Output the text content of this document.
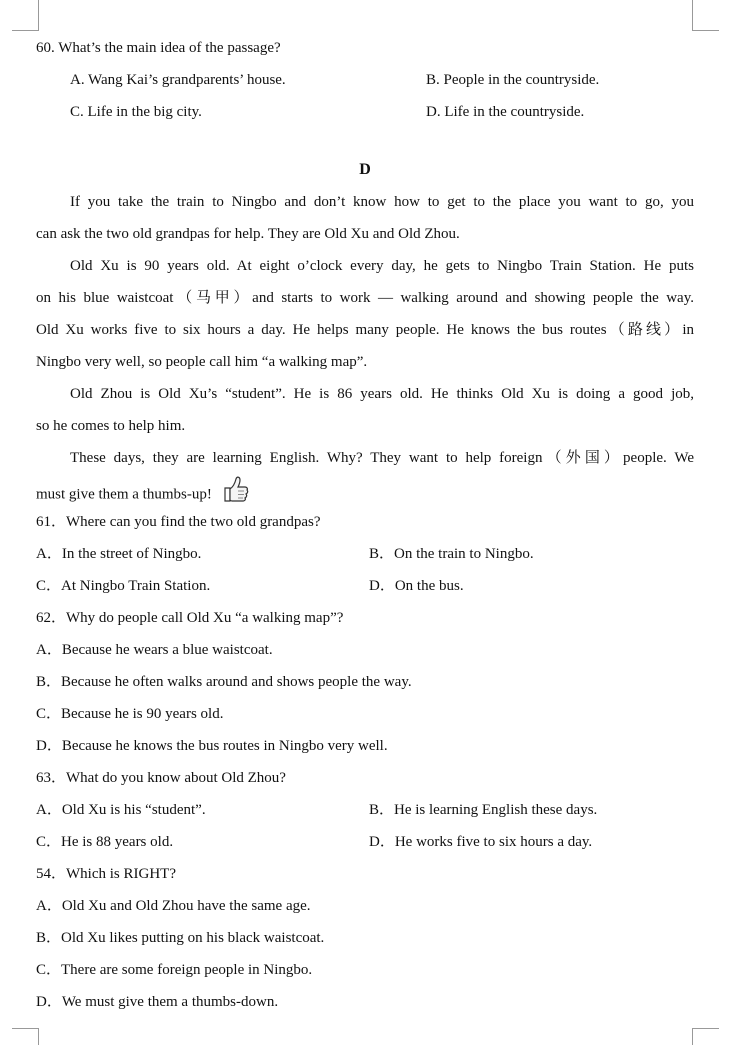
60. What’s the main idea of the passage?
A. Wang Kai’s grandparents’ house.	B. People in the countryside.
C. Life in the big city.	D. Life in the countryside.
D
If you take the train to Ningbo and don’t know how to get to the place you want to go, you
can ask the two old grandpas for help. They are Old Xu and Old Zhou.
Old Xu is 90 years old. At eight o’clock every day, he gets to Ningbo Train Station. He puts
on his blue waistcoat（马甲）and starts to work — walking around and showing people the way.
Old Xu works five to six hours a day. He helps many people. He knows the bus routes（路线）in
Ningbo very well, so people call him “a walking map”.
Old Zhou is Old Xu’s “student”. He is 86 years old. He thinks Old Xu is doing a good job,
so he comes to help him.
These days, they are learning English. Why? They want to help foreign（外国）people. We
must give them a thumbs-up!
61．Where can you find the two old grandpas?
A．In the street of Ningbo.	B．On the train to Ningbo.
C．At Ningbo Train Station.	D．On the bus.
62．Why do people call Old Xu “a walking map”?
A．Because he wears a blue waistcoat.
B．Because he often walks around and shows people the way.
C．Because he is 90 years old.
D．Because he knows the bus routes in Ningbo very well.
63．What do you know about Old Zhou?
A．Old Xu is his “student”.	B．He is learning English these days.
C．He is 88 years old.	D．He works five to six hours a day.
54．Which is RIGHT?
A．Old Xu and Old Zhou have the same age.
B．Old Xu likes putting on his black waistcoat.
C．There are some foreign people in Ningbo.
D．We must give them a thumbs-down.
